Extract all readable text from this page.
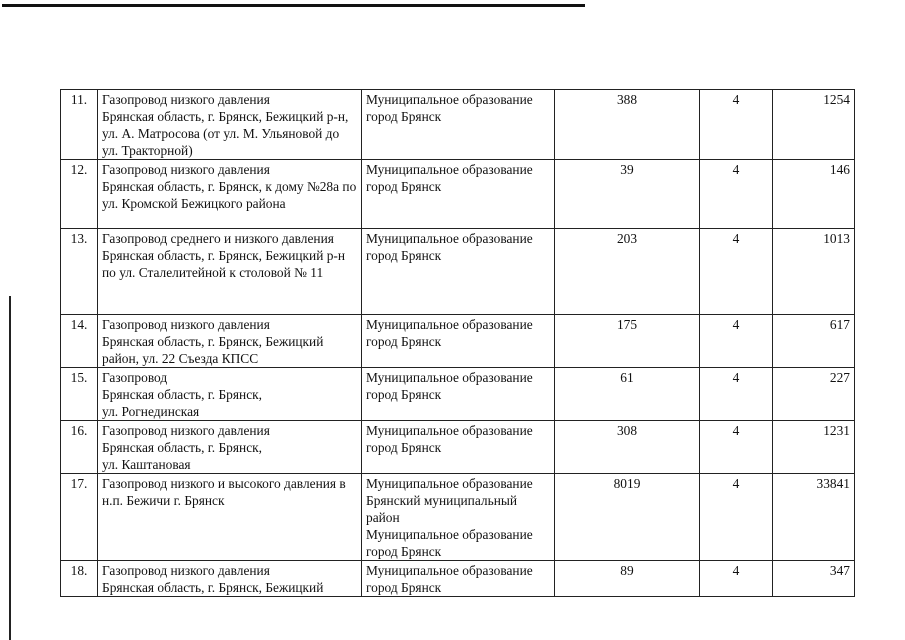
11.	Газопровод низкого давления
Брянская область, г. Брянск, Бежицкий р-н, ул. А. Матросова (от ул. М. Ульяновой до ул. Тракторной)	Муниципальное образование город Брянск	388	4	1254
12.	Газопровод низкого давления
Брянская область, г. Брянск, к дому №28а по ул. Кромской Бежицкого района	Муниципальное образование город Брянск	39	4	146
13.	Газопровод среднего и низкого давления
Брянская область, г. Брянск, Бежицкий р-н по ул. Сталелитейной к столовой № 11	Муниципальное образование город Брянск	203	4	1013
14.	Газопровод низкого давления
Брянская область, г. Брянск, Бежицкий район, ул. 22 Съезда КПСС	Муниципальное образование город Брянск	175	4	617
15.	Газопровод
Брянская область, г. Брянск,
ул. Рогнединская	Муниципальное образование город Брянск	61	4	227
16.	Газопровод низкого давления
Брянская область, г. Брянск,
ул. Каштановая	Муниципальное образование город Брянск	308	4	1231
17.	Газопровод низкого и высокого давления в н.п. Бежичи г. Брянск	Муниципальное образование Брянский муниципальный район
Муниципальное образование город Брянск	8019	4	33841
18.	Газопровод низкого давления
Брянская область, г. Брянск, Бежицкий	Муниципальное образование город Брянск	89	4	347
